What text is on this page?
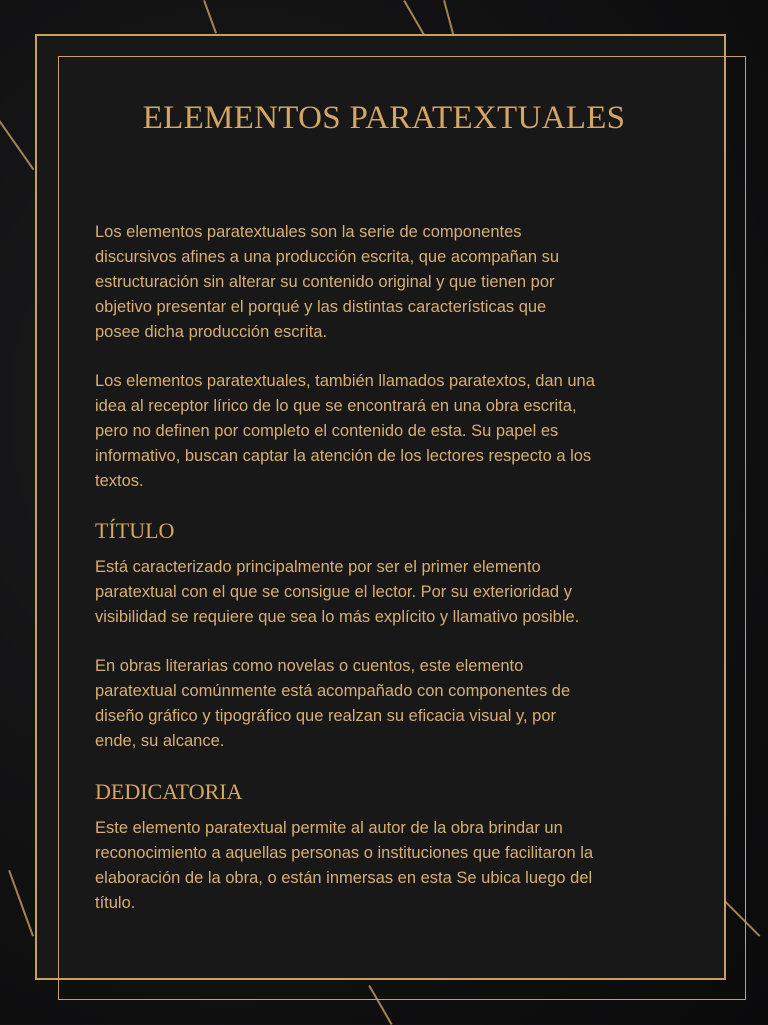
ELEMENTOS PARATEXTUALES
Los elementos paratextuales son la serie de componentes
discursivos afines a una producción escrita, que acompañan su
estructuración sin alterar su contenido original y que tienen por
objetivo presentar el porqué y las distintas características que
posee dicha producción escrita.
Los elementos paratextuales, también llamados paratextos, dan una
idea al receptor lírico de lo que se encontrará en una obra escrita,
pero no definen por completo el contenido de esta. Su papel es
informativo, buscan captar la atención de los lectores respecto a los
textos.
TÍTULO
Está caracterizado principalmente por ser el primer elemento
paratextual con el que se consigue el lector. Por su exterioridad y
visibilidad se requiere que sea lo más explícito y llamativo posible.
En obras literarias como novelas o cuentos, este elemento
paratextual comúnmente está acompañado con componentes de
diseño gráfico y tipográfico que realzan su eficacia visual y, por
ende, su alcance.
DEDICATORIA
Este elemento paratextual permite al autor de la obra brindar un
reconocimiento a aquellas personas o instituciones que facilitaron la
elaboración de la obra, o están inmersas en esta Se ubica luego del
título.
